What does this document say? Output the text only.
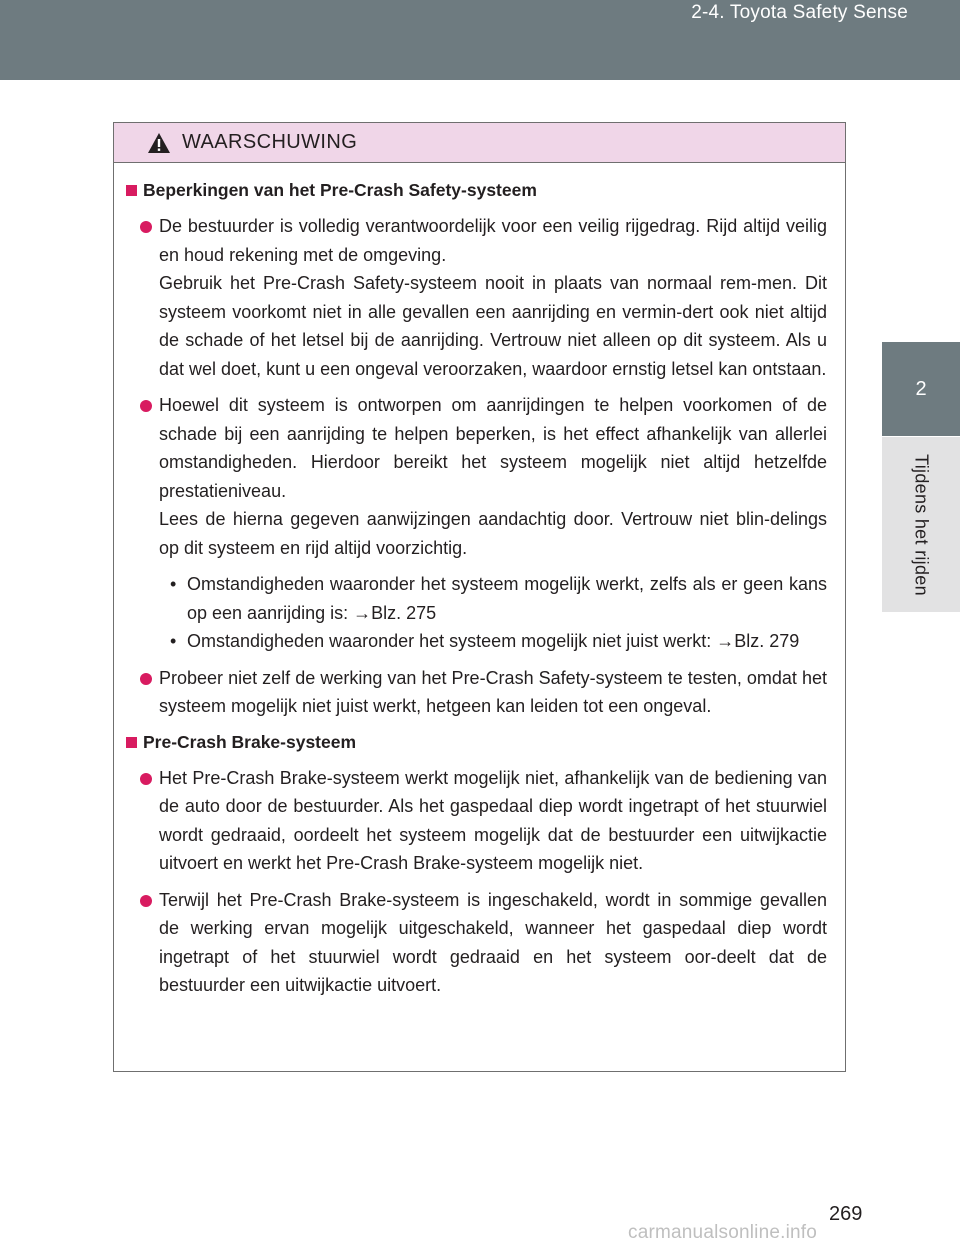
2-4. Toyota Safety Sense
2
Tijdens het rijden
WAARSCHUWING
Beperkingen van het Pre-Crash Safety-systeem

De bestuurder is volledig verantwoordelijk voor een veilig rijgedrag. Rijd altijd veilig en houd rekening met de omgeving.

Gebruik het Pre-Crash Safety-systeem nooit in plaats van normaal rem-men. Dit systeem voorkomt niet in alle gevallen een aanrijding en vermin-dert ook niet altijd de schade of het letsel bij de aanrijding. Vertrouw niet alleen op dit systeem. Als u dat wel doet, kunt u een ongeval veroorzaken, waardoor ernstig letsel kan ontstaan.

Hoewel dit systeem is ontworpen om aanrijdingen te helpen voorkomen of de schade bij een aanrijding te helpen beperken, is het effect afhankelijk van allerlei omstandigheden. Hierdoor bereikt het systeem mogelijk niet altijd hetzelfde prestatieniveau.

Lees de hierna gegeven aanwijzingen aandachtig door. Vertrouw niet blin-delings op dit systeem en rijd altijd voorzichtig.

• Omstandigheden waaronder het systeem mogelijk werkt, zelfs als er geen kans op een aanrijding is: →Blz. 275
• Omstandigheden waaronder het systeem mogelijk niet juist werkt: →Blz. 279

Probeer niet zelf de werking van het Pre-Crash Safety-systeem te testen, omdat het systeem mogelijk niet juist werkt, hetgeen kan leiden tot een ongeval.

Pre-Crash Brake-systeem

Het Pre-Crash Brake-systeem werkt mogelijk niet, afhankelijk van de bediening van de auto door de bestuurder. Als het gaspedaal diep wordt ingetrapt of het stuurwiel wordt gedraaid, oordeelt het systeem mogelijk dat de bestuurder een uitwijkactie uitvoert en werkt het Pre-Crash Brake-systeem mogelijk niet.

Terwijl het Pre-Crash Brake-systeem is ingeschakeld, wordt in sommige gevallen de werking ervan mogelijk uitgeschakeld, wanneer het gaspedaal diep wordt ingetrapt of het stuurwiel wordt gedraaid en het systeem oor-deelt dat de bestuurder een uitwijkactie uitvoert.

269
carmanualsonline.info
